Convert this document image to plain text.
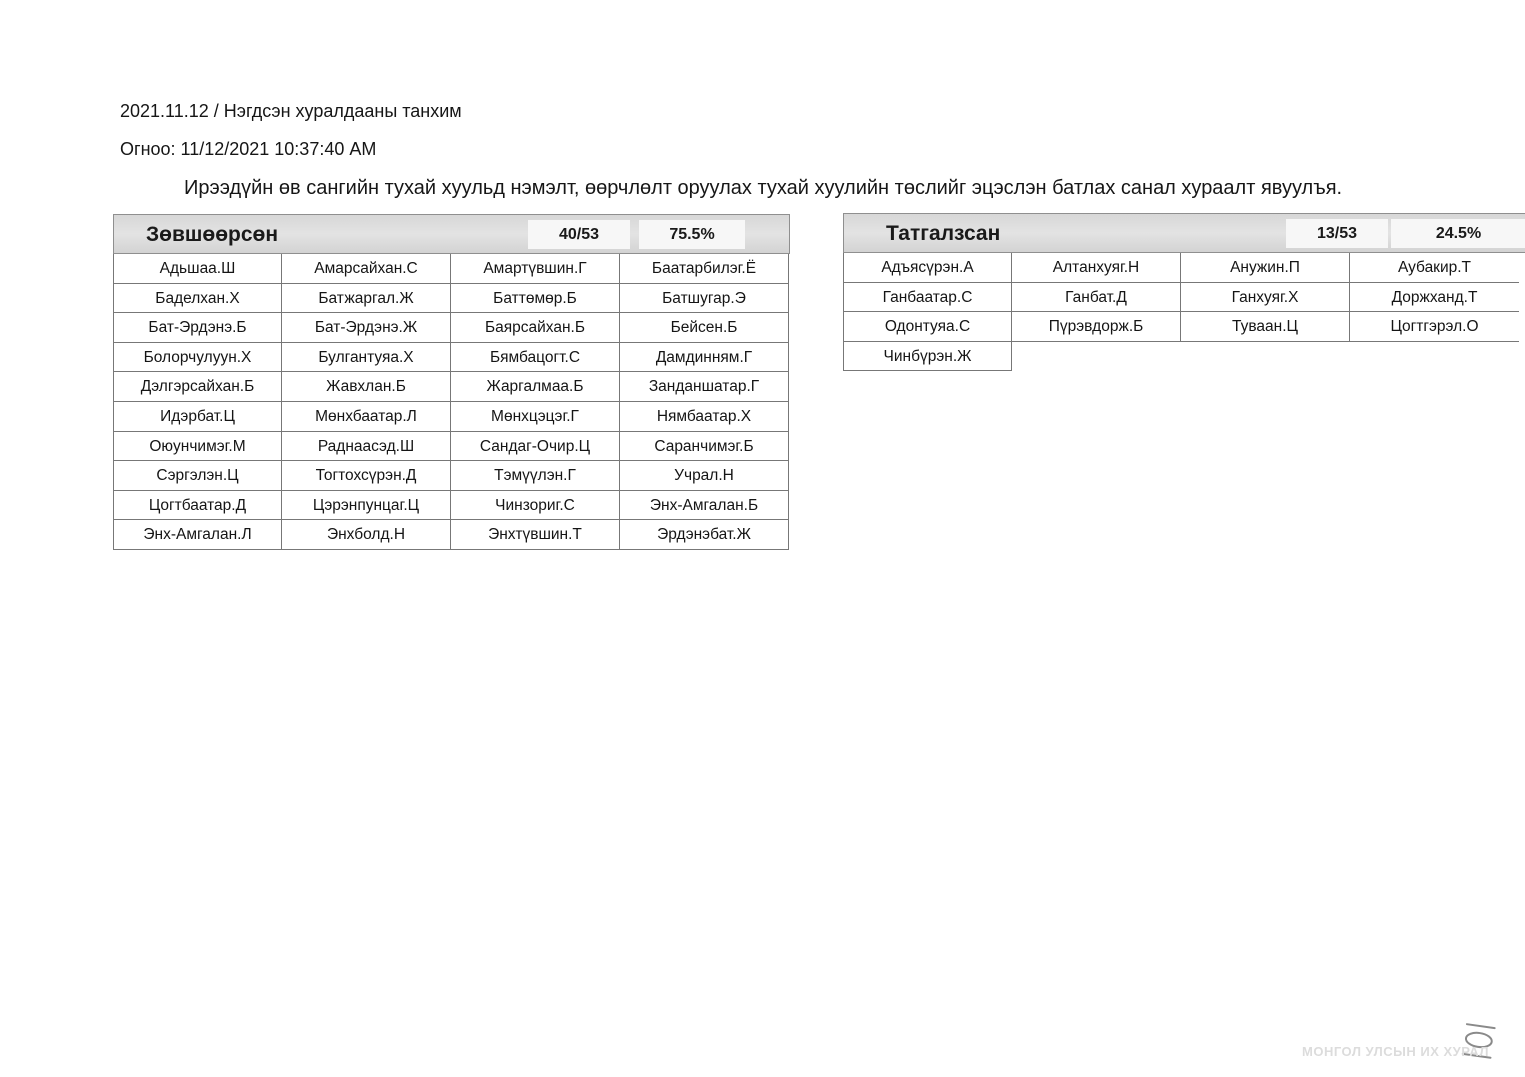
2021.11.12 / Нэгдсэн хуралдааны танхим
Огноо: 11/12/2021 10:37:40 AM
Ирээдүйн өв сангийн тухай хуульд нэмэлт, өөрчлөлт оруулах тухай хуулийн төслийг эцэслэн батлах санал хураалт явуулъя.
Зөвшөөрсөн	40/53	75.5%
Адьшаа.Ш	Амарсайхан.С	Амартүвшин.Г	Баатарбилэг.Ё
Баделхан.Х	Батжаргал.Ж	Баттөмөр.Б	Батшугар.Э
Бат-Эрдэнэ.Б	Бат-Эрдэнэ.Ж	Баярсайхан.Б	Бейсен.Б
Болорчулуун.Х	Булгантуяа.Х	Бямбацогт.С	Дамдинням.Г
Дэлгэрсайхан.Б	Жавхлан.Б	Жаргалмаа.Б	Занданшатар.Г
Идэрбат.Ц	Мөнхбаатар.Л	Мөнхцэцэг.Г	Нямбаатар.Х
Оюунчимэг.М	Раднаасэд.Ш	Сандаг-Очир.Ц	Саранчимэг.Б
Сэргэлэн.Ц	Тогтохсүрэн.Д	Тэмүүлэн.Г	Учрал.Н
Цогтбаатар.Д	Цэрэнпунцаг.Ц	Чинзориг.С	Энх-Амгалан.Б
Энх-Амгалан.Л	Энхболд.Н	Энхтүвшин.Т	Эрдэнэбат.Ж
Татгалзсан	13/53	24.5%
Адъясүрэн.А	Алтанхуяг.Н	Анужин.П	Аубакир.Т
Ганбаатар.С	Ганбат.Д	Ганхуяг.Х	Доржханд.Т
Одонтуяа.С	Пүрэвдорж.Б	Туваан.Ц	Цогтгэрэл.О
Чинбүрэн.Ж
МОНГОЛ УЛСЫН ИХ ХУРАЛ
